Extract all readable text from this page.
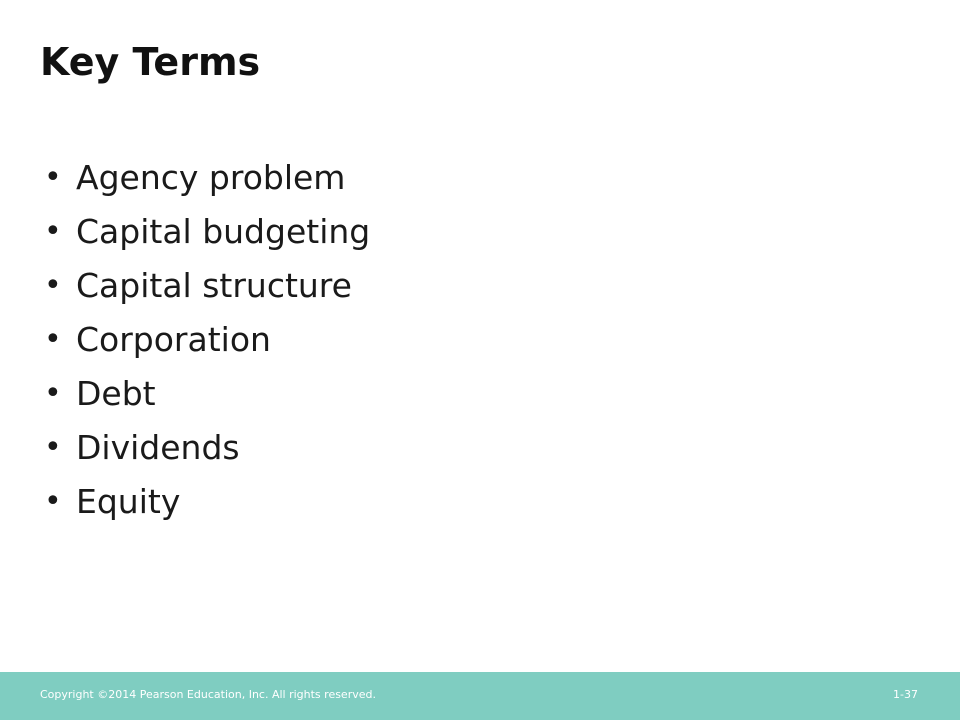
Key Terms
• Agency problem
• Capital budgeting
• Capital structure
• Corporation
• Debt
• Dividends
• Equity
Copyright ©2014 Pearson Education, Inc. All rights reserved.	1-37
